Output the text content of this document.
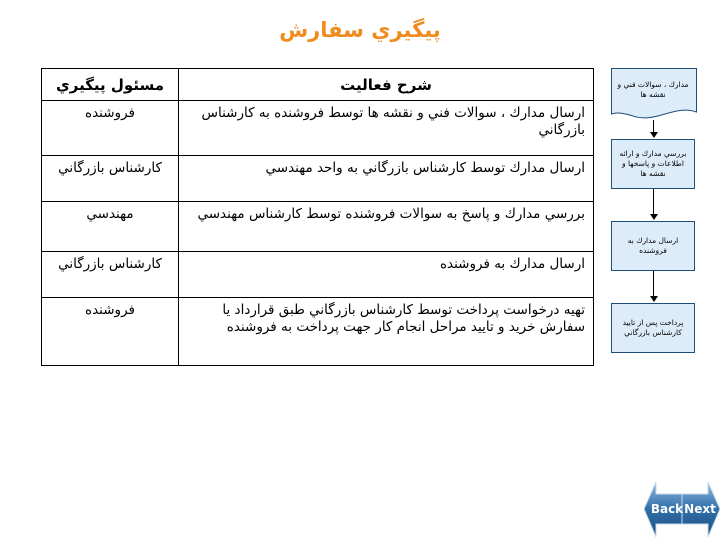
پيگيري سفارش
شرح فعاليت	مسئول پيگيري
ارسال مدارك ، سوالات فني و نقشه ها توسط فروشنده به كارشناس بازرگاني	فروشنده
ارسال مدارك توسط كارشناس بازرگاني به واحد مهندسي	كارشناس بازرگاني
بررسي مدارك و پاسخ به سوالات فروشنده توسط كارشناس مهندسي	مهندسي
ارسال مدارك به فروشنده	كارشناس بازرگاني
تهيه درخواست پرداخت توسط كارشناس بازرگاني طبق قرارداد يا سفارش خريد و تاييد مراحل انجام كار جهت پرداخت به فروشنده	فروشنده
مدارك ، سوالات فني و نقشه ها
بررسي مدارك و ارائه اطلاعات و پاسخها و نقشه ها
ارسال مدارك به فروشنده
پرداخت پس از تاييد كارشناس بازرگاني
Back Next
